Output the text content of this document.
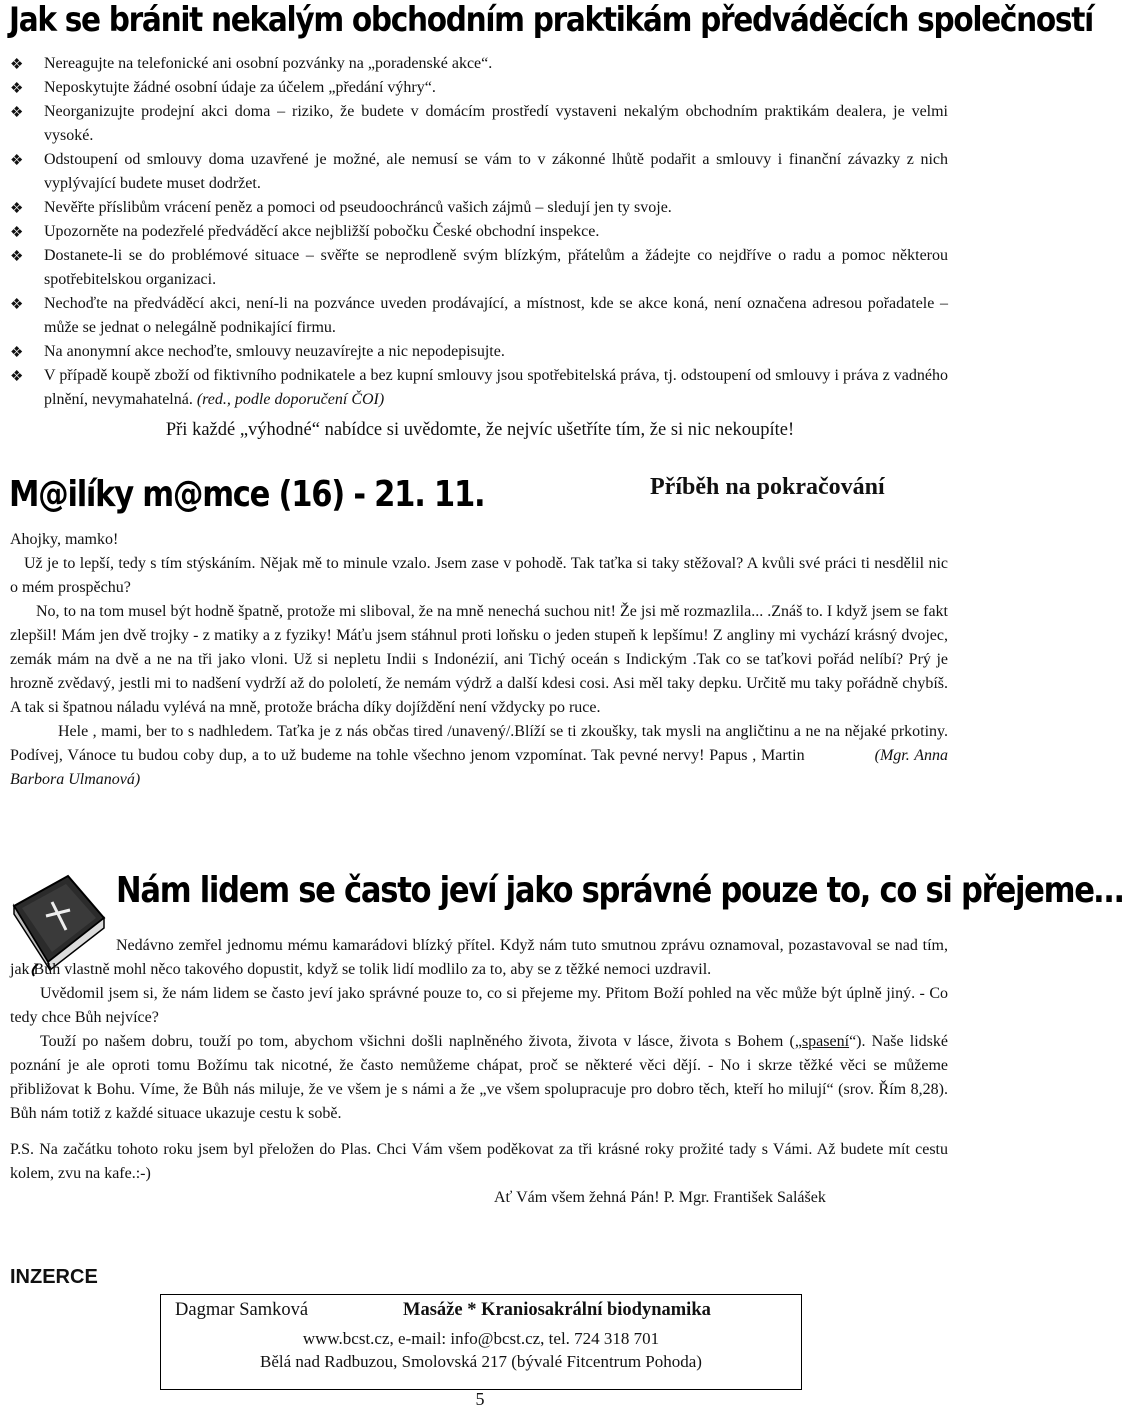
Jak se bránit nekalým obchodním praktikám předváděcích společností
❖ Nereagujte na telefonické ani osobní pozvánky na „poradenské akce“.
❖ Neposkytujte žádné osobní údaje za účelem „předání výhry“.
❖ Neorganizujte prodejní akci doma – riziko, že budete v domácím prostředí vystaveni nekalým obchodním praktikám dealera, je velmi vysoké.
❖ Odstoupení od smlouvy doma uzavřené je možné, ale nemusí se vám to v zákonné lhůtě podařit a smlouvy i finanční závazky z nich vyplývající budete muset dodržet.
❖ Nevěřte příslibům vrácení peněz a pomoci od pseudoochránců vašich zájmů – sledují jen ty svoje.
❖ Upozorněte na podezřelé předváděcí akce nejbližší pobočku České obchodní inspekce.
❖ Dostanete-li se do problémové situace – svěřte se neprodleně svým blízkým, přátelům a žádejte co nejdříve o radu a pomoc některou spotřebitelskou organizaci.
❖ Nechoďte na předváděcí akci, není-li na pozvánce uveden prodávající, a místnost, kde se akce koná, není označena adresou pořadatele – může se jednat o nelegálně podnikající firmu.
❖ Na anonymní akce nechoďte, smlouvy neuzavírejte a nic nepodepisujte.
❖ V případě koupě zboží od fiktivního podnikatele a bez kupní smlouvy jsou spotřebitelská práva, tj. odstoupení od smlouvy i práva z vadného plnění, nevymahatelná. (red., podle doporučení ČOI)
Při každé „výhodné“ nabídce si uvědomte, že nejvíc ušetříte tím, že si nic nekoupíte!
M@ilíky m@mce (16) - 21. 11.	Příběh na pokračování

Ahojky, mamko!

Už je to lepší, tedy s tím stýskáním. Nějak mě to minule vzalo. Jsem zase v pohodě. Tak taťka si taky stěžoval? A kvůli své práci ti nesdělil nic o mém prospěchu?

No, to na tom musel být hodně špatně, protože mi sliboval, že na mně nenechá suchou nit! Že jsi mě rozmazlila... .Znáš to. I když jsem se fakt zlepšil! Mám jen dvě trojky - z matiky a z fyziky! Máťu jsem stáhnul proti loňsku o jeden stupeň k lepšímu! Z angliny mi vychází krásný dvojec, zemák mám na dvě a ne na tři jako vloni. Už si nepletu Indii s Indonézií, ani Tichý oceán s Indickým .Tak co se taťkovi pořád nelíbí? Prý je hrozně zvědavý, jestli mi to nadšení vydrží až do pololetí, že nemám výdrž a další kdesi cosi. Asi měl taky depku. Určitě mu taky pořádně chybíš. A tak si špatnou náladu vylévá na mně, protože brácha díky dojíždění není vždycky po ruce.

Hele , mami, ber to s nadhledem. Taťka je z nás občas tired /unavený/.Blíží se ti zkoušky, tak mysli na angličtinu a ne na nějaké prkotiny. Podívej, Vánoce tu budou coby dup, a to už budeme na tohle všechno jenom vzpomínat. Tak pevné nervy! Papus , Martin	(Mgr. Anna Barbora Ulmanová)

Nám lidem se často jeví jako správné pouze to, co si přejeme…

Nedávno zemřel jednomu mému kamarádovi blízký přítel. Když nám tuto smutnou zprávu oznamoval, pozastavoval se nad tím, jak Bůh vlastně mohl něco takového dopustit, když se tolik lidí modlilo za to, aby se z těžké nemoci uzdravil.

Uvědomil jsem si, že nám lidem se často jeví jako správné pouze to, co si přejeme my. Přitom Boží pohled na věc může být úplně jiný. - Co tedy chce Bůh nejvíce?

Touží po našem dobru, touží po tom, abychom všichni došli naplněného života, života v lásce, života s Bohem („spasení“). Naše lidské poznání je ale oproti tomu Božímu tak nicotné, že často nemůžeme chápat, proč se některé věci dějí. - No i skrze těžké věci se můžeme přibližovat k Bohu. Víme, že Bůh nás miluje, že ve všem je s námi a že „ve všem spolupracuje pro dobro těch, kteří ho milují“ (srov. Řím 8,28). Bůh nám totiž z každé situace ukazuje cestu k sobě.

P.S. Na začátku tohoto roku jsem byl přeložen do Plas. Chci Vám všem poděkovat za tři krásné roky prožité tady s Vámi. Až budete mít cestu kolem, zvu na kafe.:-)

Ať Vám všem žehná Pán! P. Mgr. František Salášek

INZERCE
Dagmar Samková	Masáže * Kraniosakrální biodynamika
www.bcst.cz, e-mail: info@bcst.cz, tel. 724 318 701
Bělá nad Radbuzou, Smolovská 217 (bývalé Fitcentrum Pohoda)
5
